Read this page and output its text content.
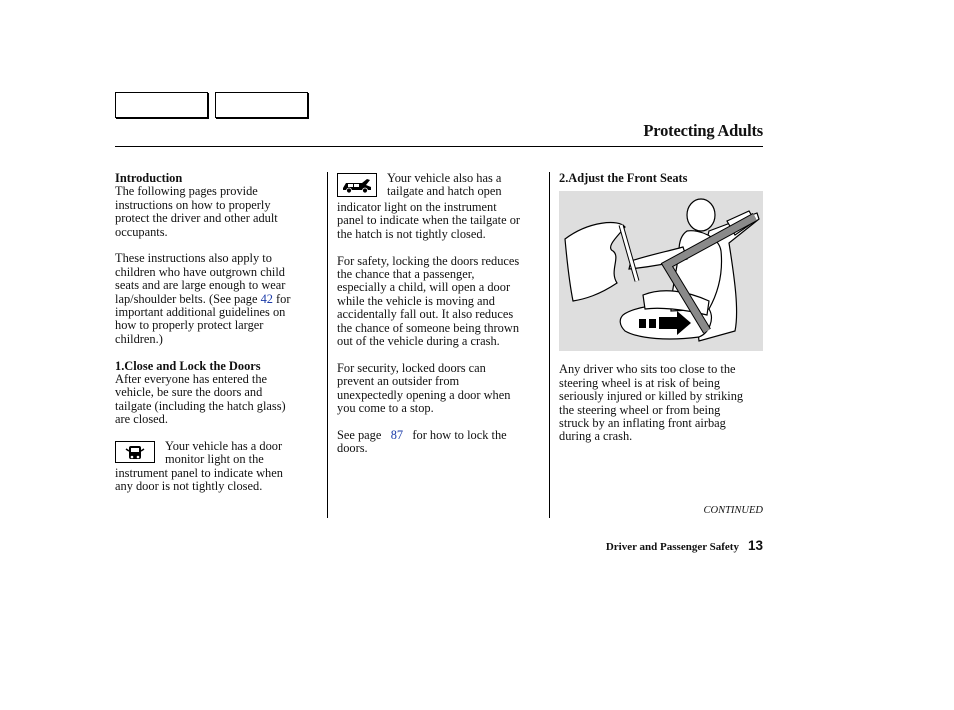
Protecting Adults
Introduction
The following pages provide
instructions on how to properly
protect the driver and other adult
occupants.
These instructions also apply to
children who have outgrown child
seats and are large enough to wear
lap/shoulder belts. (See page 42 for
important additional guidelines on
how to properly protect larger
children.)
1.Close and Lock the Doors
After everyone has entered the
vehicle, be sure the doors and
tailgate (including the hatch glass)
are closed.
Your vehicle has a door
monitor light on the
instrument panel to indicate when
any door is not tightly closed.
Your vehicle also has a
tailgate and hatch open
indicator light on the instrument
panel to indicate when the tailgate or
the hatch is not tightly closed.
For safety, locking the doors reduces
the chance that a passenger,
especially a child, will open a door
while the vehicle is moving and
accidentally fall out. It also reduces
the chance of someone being thrown
out of the vehicle during a crash.
For security, locked doors can
prevent an outsider from
unexpectedly opening a door when
you come to a stop.
See page 87 for how to lock the
doors.
2.Adjust the Front Seats
Any driver who sits too close to the
steering wheel is at risk of being
seriously injured or killed by striking
the steering wheel or from being
struck by an inflating front airbag
during a crash.
CONTINUED
Driver and Passenger Safety 13
